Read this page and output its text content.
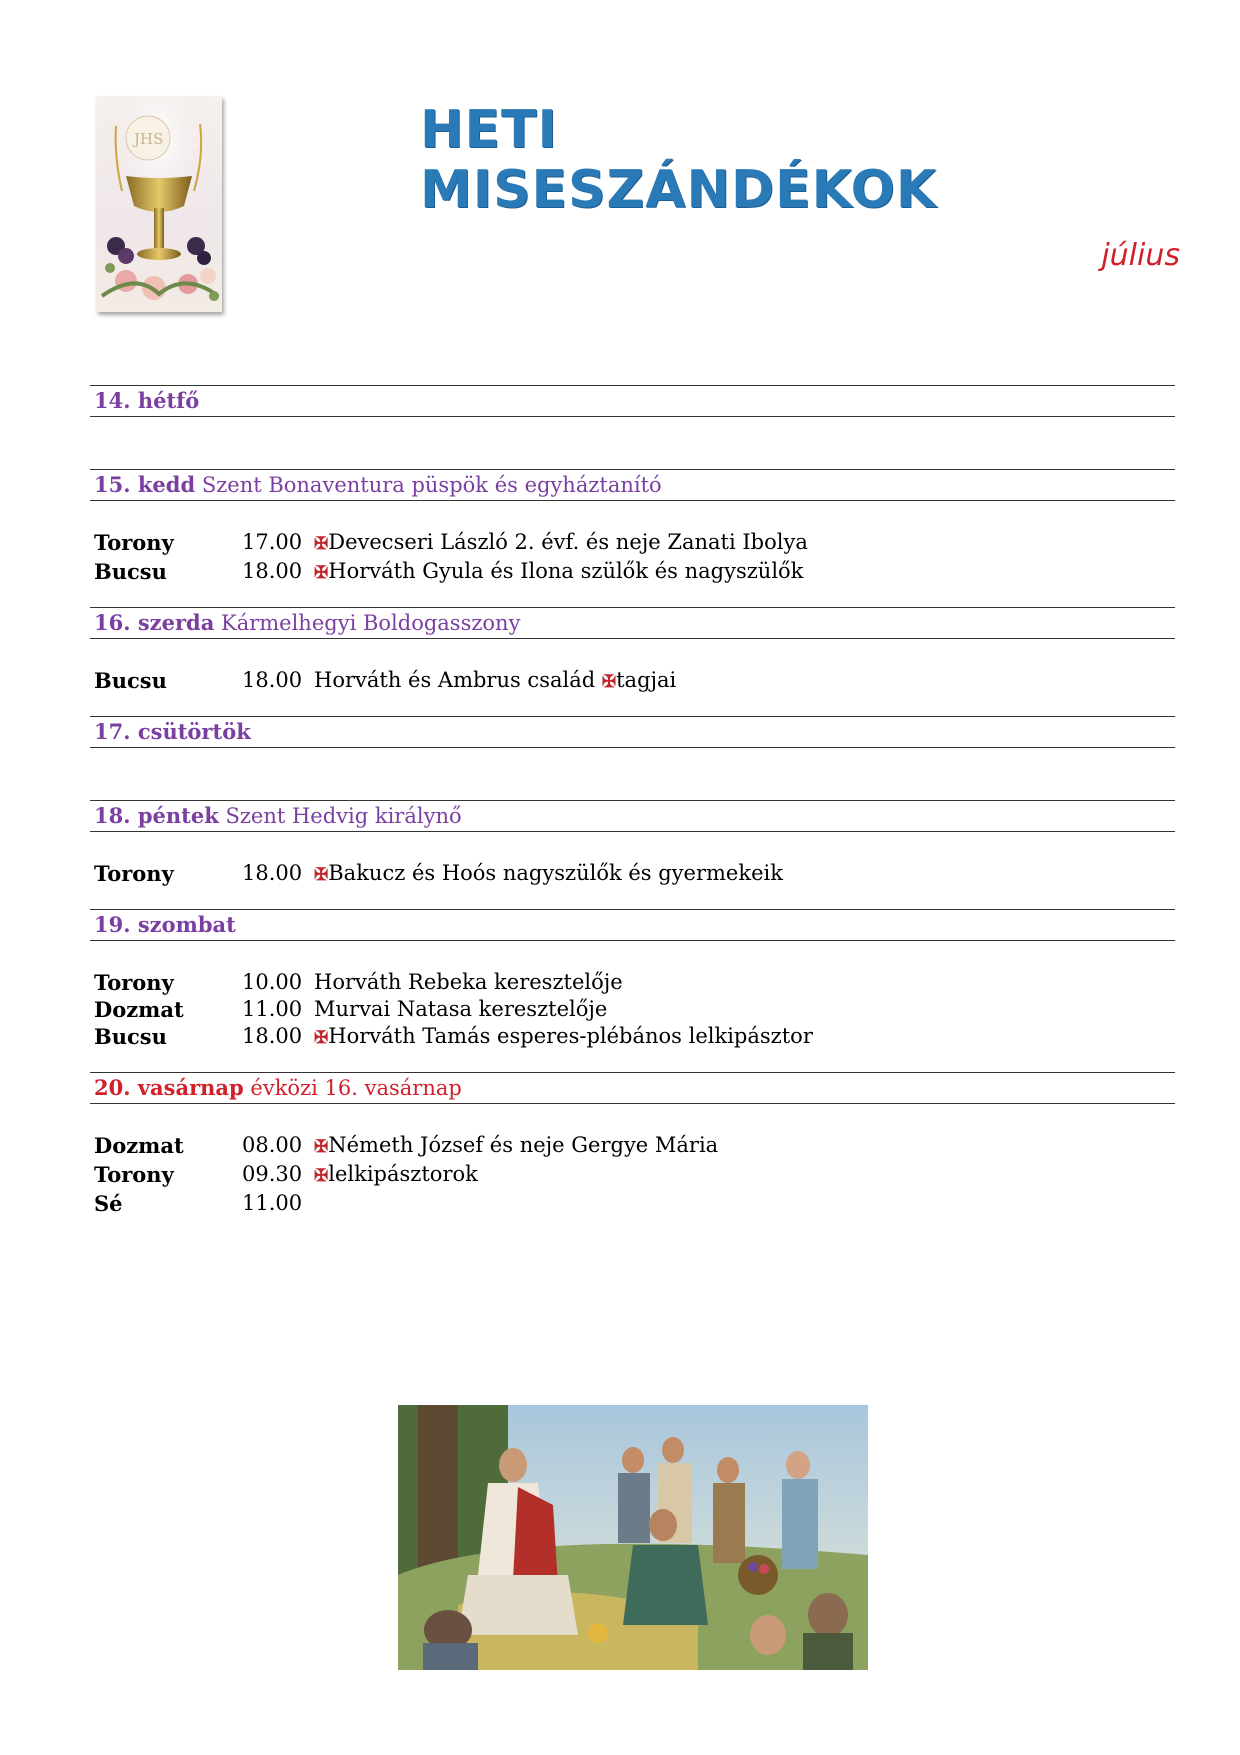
JHS	HETI MISESZÁNDÉKOK
július
14. hétfő
15. kedd Szent Bonaventura püspök és egyháztanító
Torony	17.00 ✠Devecseri László 2. évf. és neje Zanati Ibolya
Bucsu	18.00 ✠Horváth Gyula és Ilona szülők és nagyszülők
16. szerda Kármelhegyi Boldogasszony
Bucsu	18.00 Horváth és Ambrus család ✠tagjai
17. csütörtök
18. péntek Szent Hedvig királynő
Torony	18.00 ✠Bakucz és Hoós nagyszülők és gyermekeik
19. szombat
Torony	10.00 Horváth Rebeka keresztelője
Dozmat	11.00 Murvai Natasa keresztelője
Bucsu	18.00 ✠Horváth Tamás esperes-plébános lelkipásztor
20. vasárnap évközi 16. vasárnap
Dozmat	08.00 ✠Németh József és neje Gergye Mária
Torony	09.30 ✠lelkipásztorok
Sé	11.00
